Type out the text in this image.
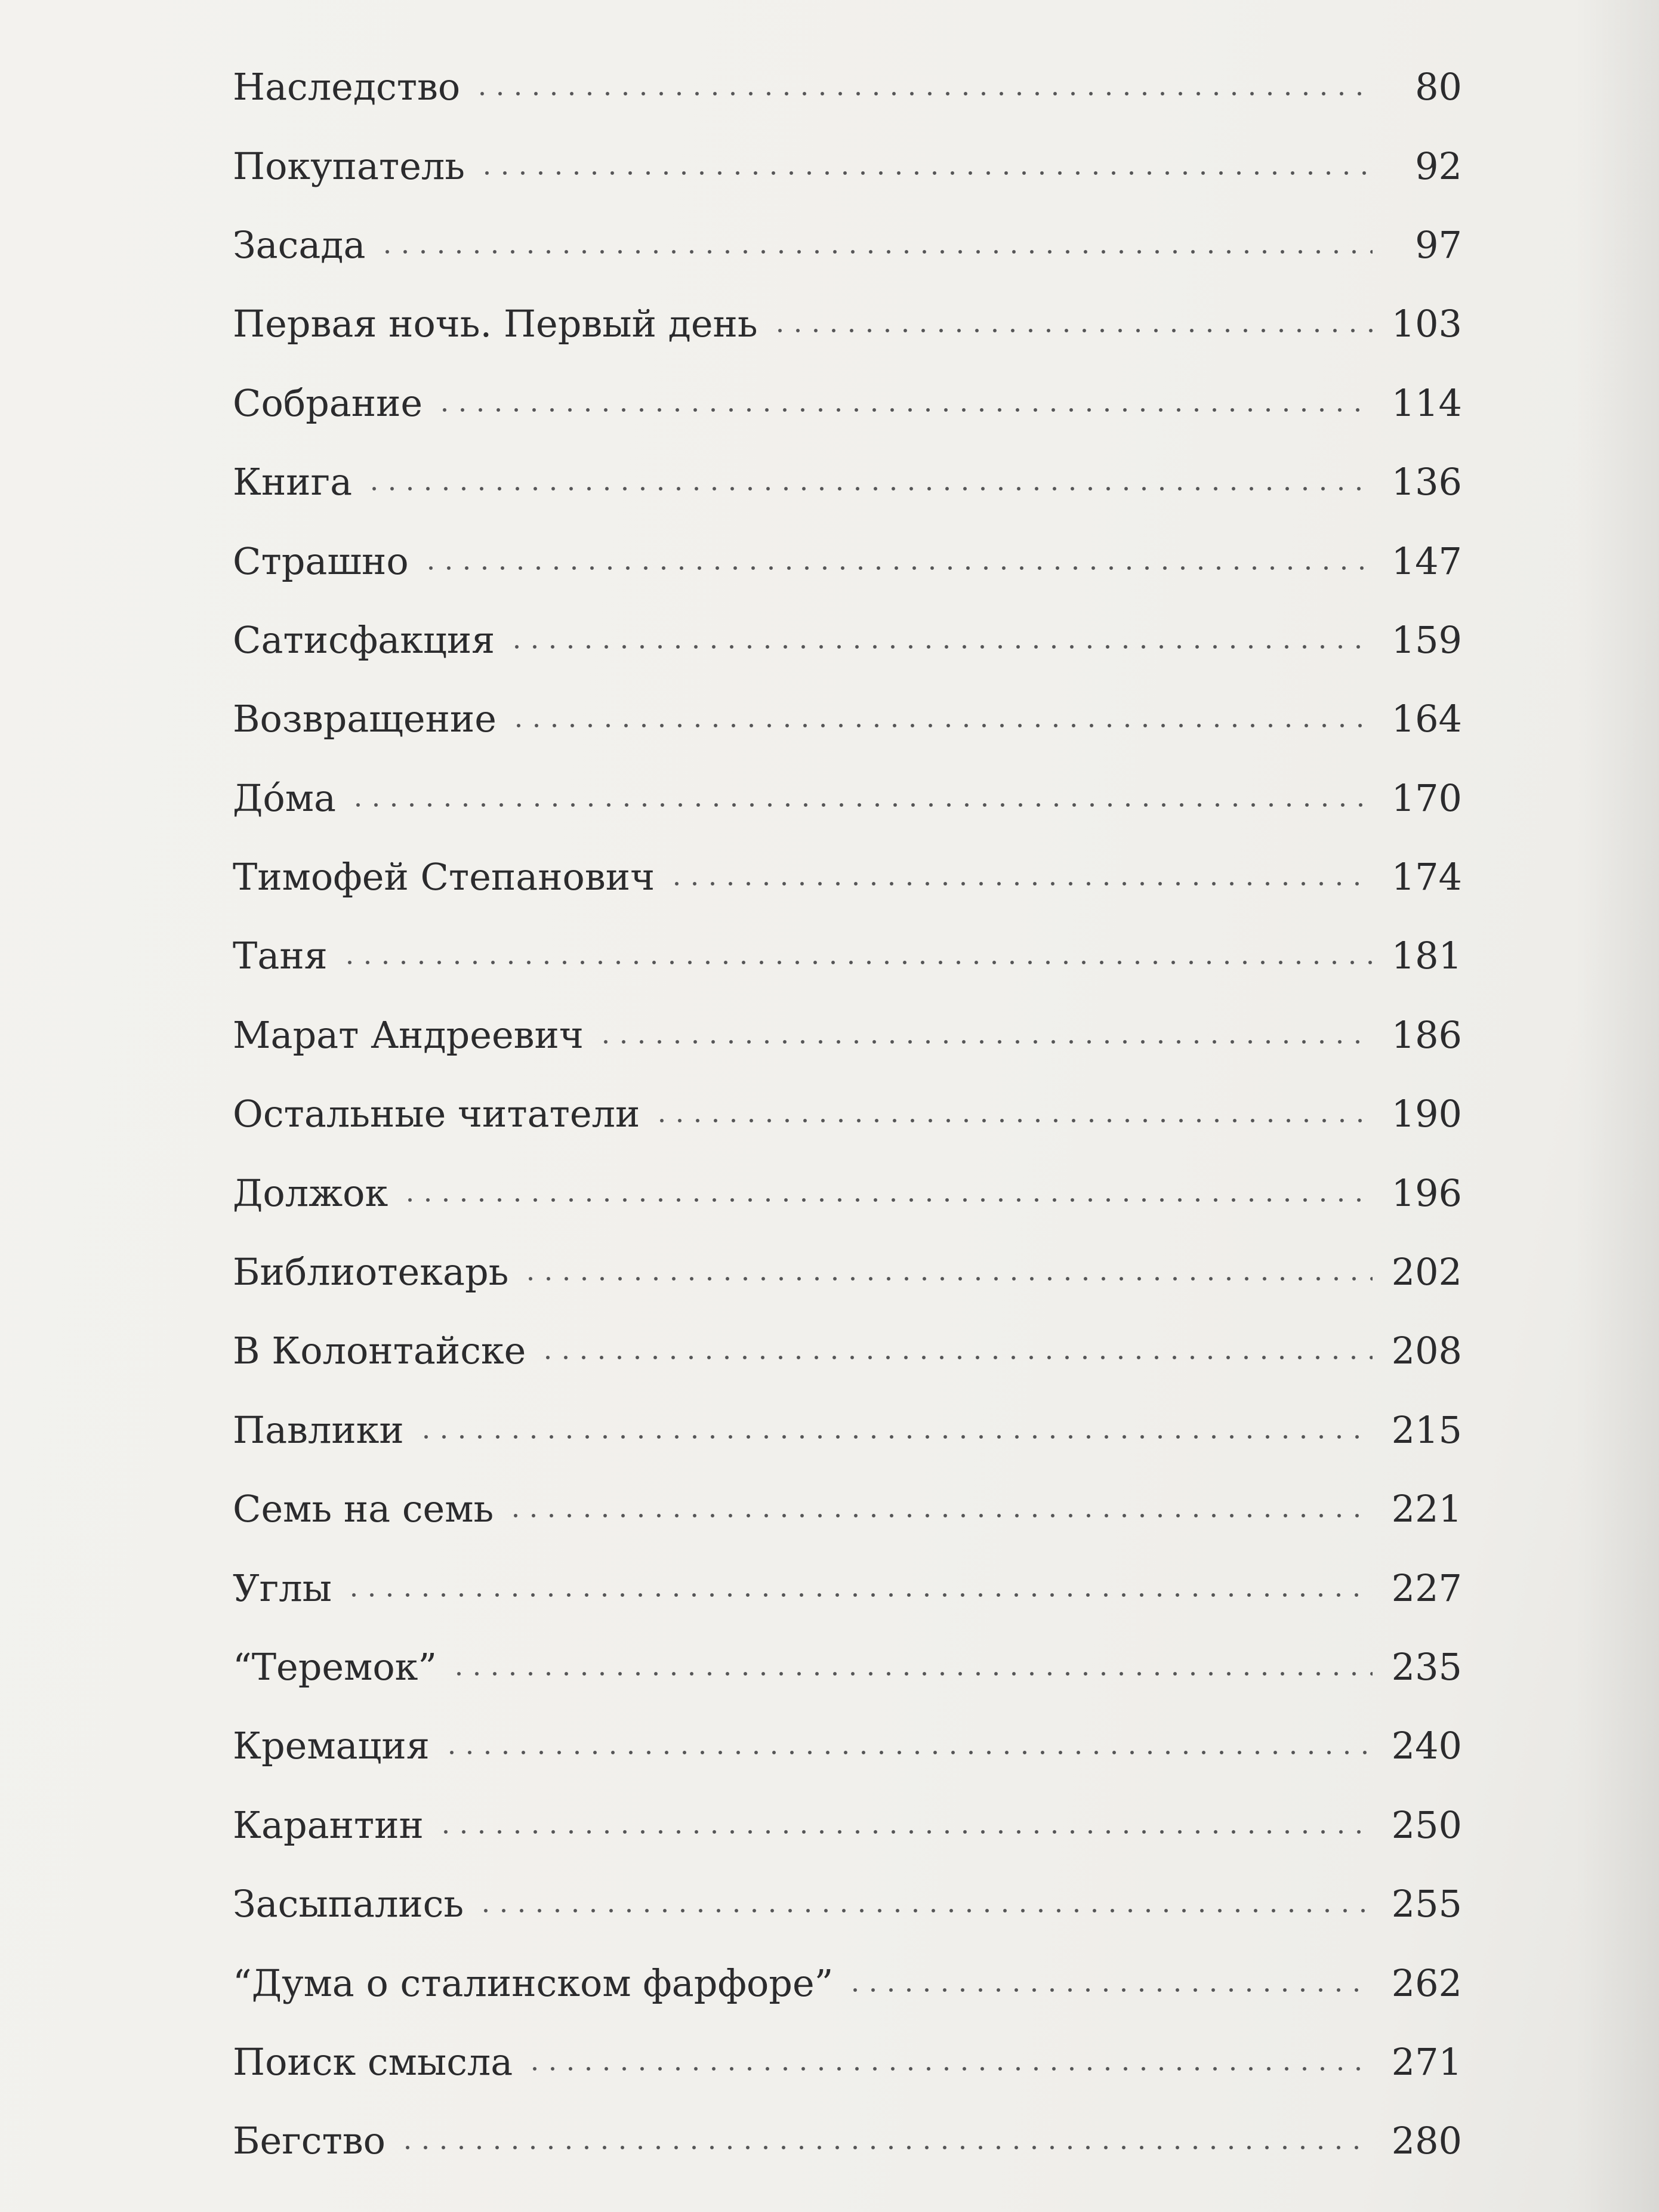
Наследство	80
Покупатель	92
Засада	97
Первая ночь. Первый день	103
Собрание	114
Книга	136
Страшно	147
Сатисфакция	159
Возвращение	164
До́ма	170
Тимофей Степанович	174
Таня	181
Марат Андреевич	186
Остальные читатели	190
Должок	196
Библиотекарь	202
В Колонтайске	208
Павлики	215
Семь на семь	221
Углы	227
“Теремок”	235
Кремация	240
Карантин	250
Засыпались	255
“Дума о сталинском фарфоре”	262
Поиск смысла	271
Бегство	280
